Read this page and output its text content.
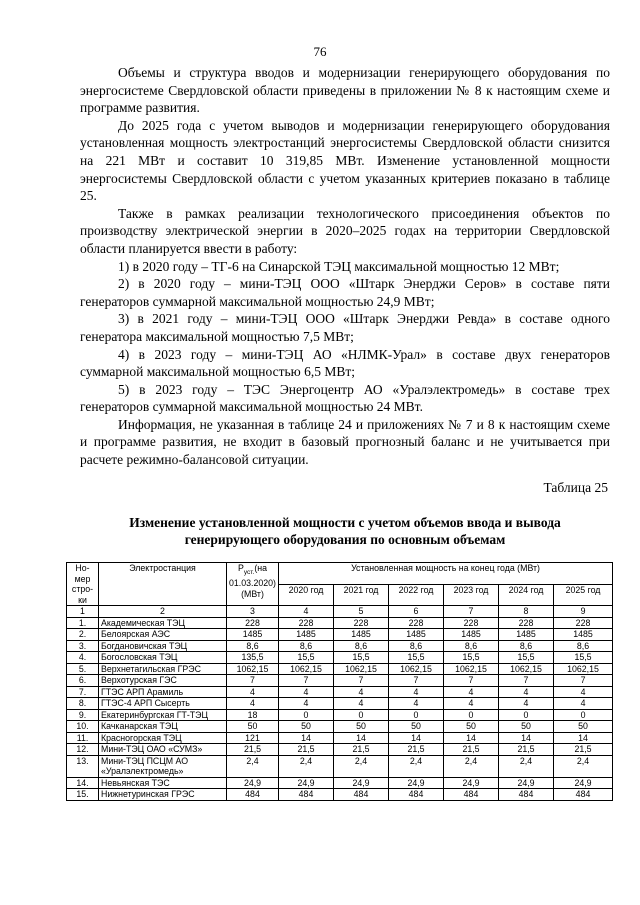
76

Объемы и структура вводов и модернизации генерирующего оборудования по энергосистеме Свердловской области приведены в приложении № 8 к настоящим схеме и программе развития.

До 2025 года с учетом выводов и модернизации генерирующего оборудования установленная мощность электростанций энергосистемы Свердловской области снизится на 221 МВт и составит 10 319,85 МВт. Изменение установленной мощности энергосистемы Свердловской области с учетом указанных критериев показано в таблице 25.

Также в рамках реализации технологического присоединения объектов по производству электрической энергии в 2020–2025 годах на территории Свердловской области планируется ввести в работу:

1) в 2020 году – ТГ-6 на Синарской ТЭЦ максимальной мощностью 12 МВт;

2) в 2020 году – мини-ТЭЦ ООО «Штарк Энерджи Серов» в составе пяти генераторов суммарной максимальной мощностью 24,9 МВт;

3) в 2021 году – мини-ТЭЦ ООО «Штарк Энерджи Ревда» в составе одного генератора максимальной мощностью 7,5 МВт;

4) в 2023 году – мини-ТЭЦ АО «НЛМК-Урал» в составе двух генераторов суммарной максимальной мощностью 6,5 МВт;

5) в 2023 году – ТЭС Энергоцентр АО «Уралэлектромедь» в составе трех генераторов суммарной максимальной мощностью 24 МВт.

Информация, не указанная в таблице 24 и приложениях № 7 и 8 к настоящим схеме и программе развития, не входит в базовый прогнозный баланс и не учитывается при расчете режимно-балансовой ситуации.

Таблица 25
Изменение установленной мощности с учетом объемов ввода и вывода генерирующего оборудования по основным объемам
Но-мер стро-ки	Электростанция	$P_{уст.}(на$ 01.03.2020) (МВт)	Установленная мощность на конец года (МВт)					
			2020 год	2021 год	2022 год	2023 год	2024 год	2025 год
1	2	3	4	5	6	7	8	9
1.	Академическая ТЭЦ	228	228	228	228	228	228	228
2.	Белоярская АЭС	1485	1485	1485	1485	1485	1485	1485
3.	Богдановичская ТЭЦ	8,6	8,6	8,6	8,6	8,6	8,6	8,6
4.	Богословская ТЭЦ	135,5	15,5	15,5	15,5	15,5	15,5	15,5
5.	Верхнетагильская ГРЭС	1062,15	1062,15	1062,15	1062,15	1062,15	1062,15	1062,15
6.	Верхотурская ГЭС	7	7	7	7	7	7	7
7.	ГТЭС АРП Арамиль	4	4	4	4	4	4	4
8.	ГТЭС-4 АРП Сысерть	4	4	4	4	4	4	4
9.	Екатеринбургская ГТ-ТЭЦ	18	0	0	0	0	0	0
10.	Качканарская ТЭЦ	50	50	50	50	50	50	50
11.	Красногорская ТЭЦ	121	14	14	14	14	14	14
12.	Мини-ТЭЦ ОАО «СУМЗ»	21,5	21,5	21,5	21,5	21,5	21,5	21,5
13.	Мини-ТЭЦ ПСЦМ АО «Уралэлектромедь»	2,4	2,4	2,4	2,4	2,4	2,4	2,4
14.	Невьянская ТЭС	24,9	24,9	24,9	24,9	24,9	24,9	24,9
15.	Нижнетуринская ГРЭС	484	484	484	484	484	484	484
